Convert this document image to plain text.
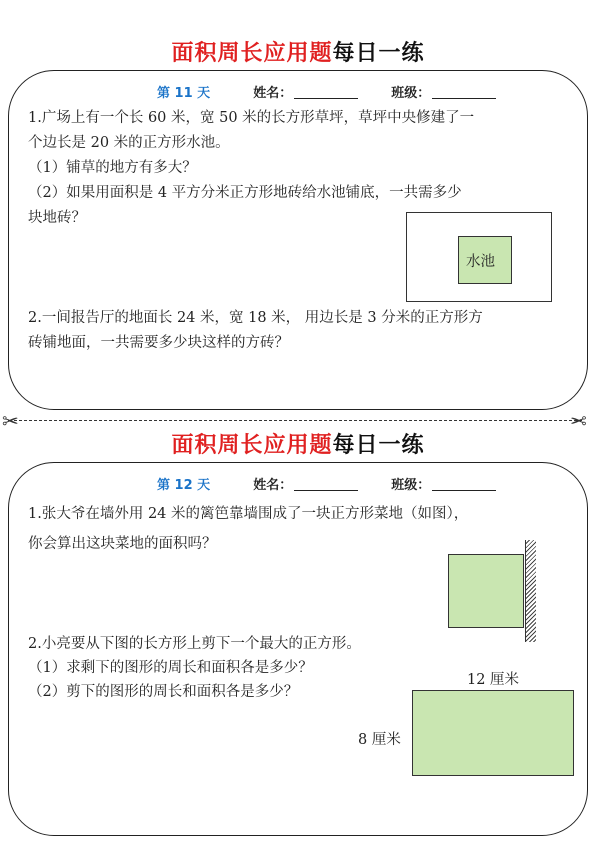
面积周长应用题每日一练
第 11 天	姓名：	班级：
1.广场上有一个长 60 米，宽 50 米的长方形草坪，草坪中央修建了一
个边长是 20 米的正方形水池。
（1）铺草的地方有多大？
（2）如果用面积是 4 平方分米正方形地砖给水池铺底，一共需多少
块地砖？
水池
2.一间报告厅的地面长 24 米，宽 18 米， 用边长是 3 分米的正方形方
砖铺地面，一共需要多少块这样的方砖？
✂	✂
面积周长应用题每日一练
第 12 天	姓名：	班级：
1.张大爷在墙外用 24 米的篱笆靠墙围成了一块正方形菜地（如图），
你会算出这块菜地的面积吗？
2.小亮要从下图的长方形上剪下一个最大的正方形。
（1）求剩下的图形的周长和面积各是多少？
（2）剪下的图形的周长和面积各是多少？
12 厘米
8 厘米
